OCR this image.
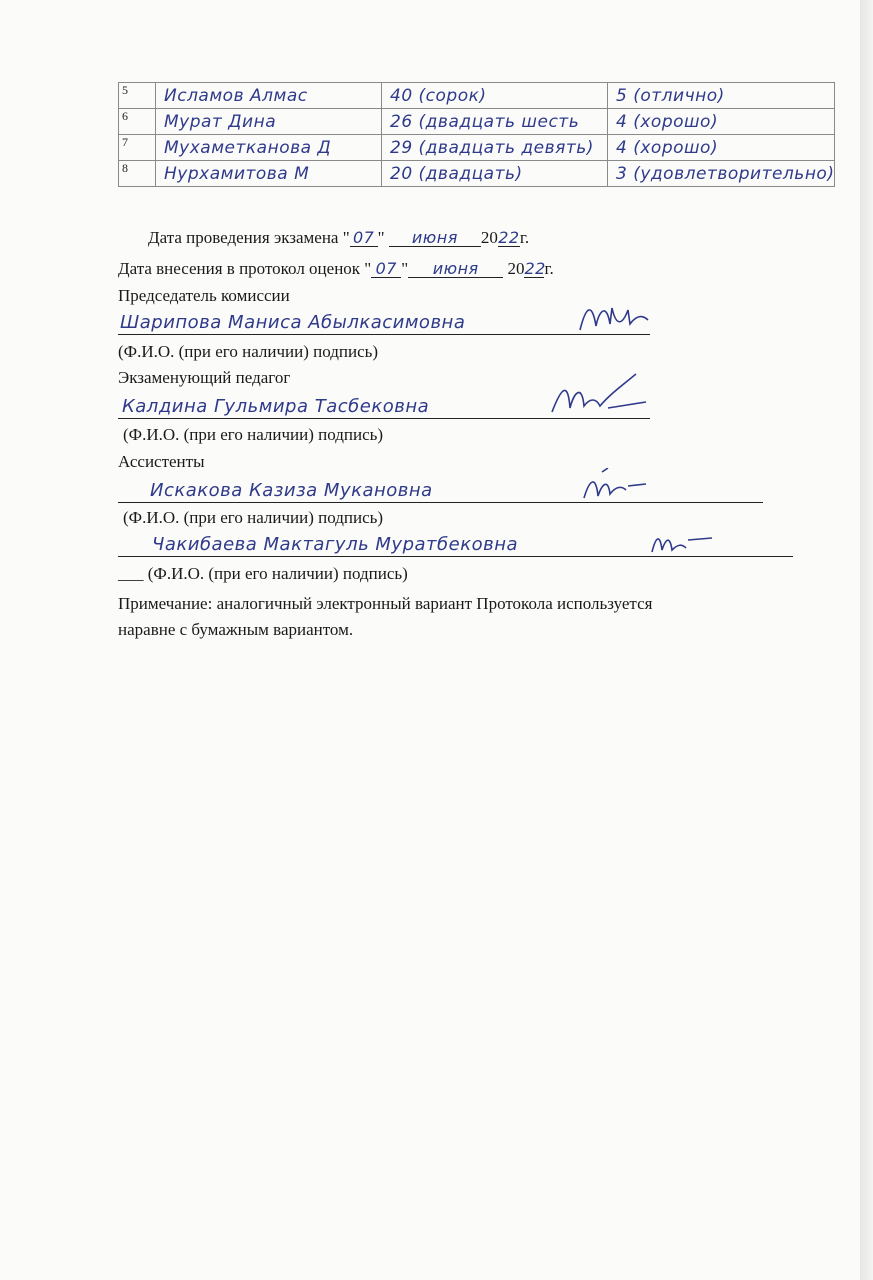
5	Исламов Алмас	40 (сорок)	5 (отлично)
6	Мурат Дина	26 (двадцать шесть	4 (хорошо)
7	Мухаметканова Д	29 (двадцать девять)	4 (хорошо)
8	Нурхамитова М	20 (двадцать)	3 (удовлетворительно)
Дата проведения экзамена " 07 " июня 2022г.
Дата внесения в протокол оценок " 07 " июня 2022г.
Председатель комиссии
Шарипова Маниса Абылкасимовна
(Ф.И.О. (при его наличии) подпись)
Экзаменующий педагог
Калдина Гульмира Тасбековна
(Ф.И.О. (при его наличии) подпись)
Ассистенты
Искакова Казиза Мукановна
(Ф.И.О. (при его наличии) подпись)
Чакибаева Мактагуль Муратбековна
___ (Ф.И.О. (при его наличии) подпись)
Примечание: аналогичный электронный вариант Протокола используется
наравне с бумажным вариантом.
